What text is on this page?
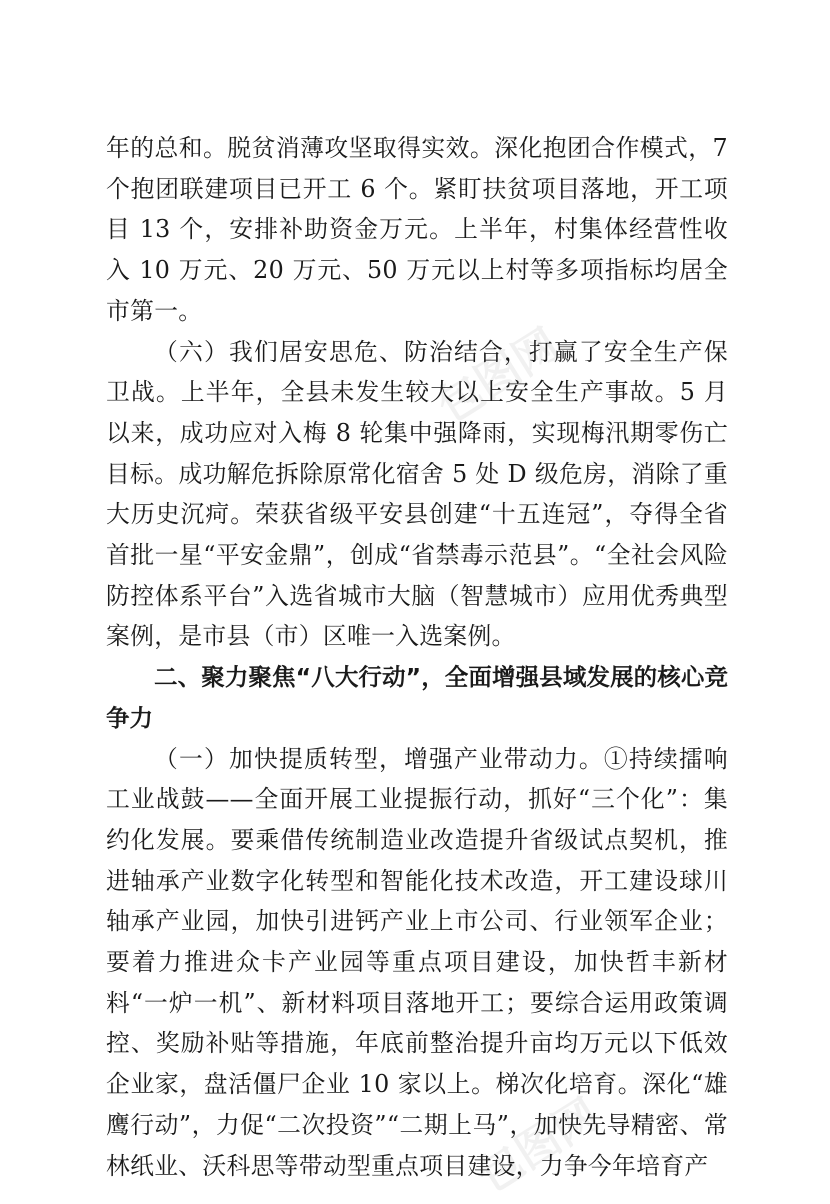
包图网
包图网

年的总和。脱贫消薄攻坚取得实效。深化抱团合作模式，7 个抱团联建项目已开工 6 个。紧盯扶贫项目落地，开工项目 13 个，安排补助资金万元。上半年，村集体经营性收入 10 万元、20 万元、50 万元以上村等多项指标均居全市第一。

（六）我们居安思危、防治结合，打赢了安全生产保卫战。上半年，全县未发生较大以上安全生产事故。5 月以来，成功应对入梅 8 轮集中强降雨，实现梅汛期零伤亡目标。成功解危拆除原常化宿舍 5 处 D 级危房，消除了重大历史沉疴。荣获省级平安县创建“十五连冠”，夺得全省首批一星“平安金鼎”，创成“省禁毒示范县”。“全社会风险防控体系平台”入选省城市大脑（智慧城市）应用优秀典型案例，是市县（市）区唯一入选案例。

二、聚力聚焦“八大行动”，全面增强县域发展的核心竞争力

（一）加快提质转型，增强产业带动力。①持续擂响工业战鼓——全面开展工业提振行动，抓好“三个化”：集约化发展。要乘借传统制造业改造提升省级试点契机，推进轴承产业数字化转型和智能化技术改造，开工建设球川轴承产业园，加快引进钙产业上市公司、行业领军企业；要着力推进众卡产业园等重点项目建设，加快哲丰新材料“一炉一机”、新材料项目落地开工；要综合运用政策调控、奖励补贴等措施，年底前整治提升亩均万元以下低效企业家，盘活僵尸企业 10 家以上。梯次化培育。深化“雄鹰行动”，力促“二次投资”“二期上马”，加快先导精密、常林纸业、沃科思等带动型重点项目建设，力争今年培育产
